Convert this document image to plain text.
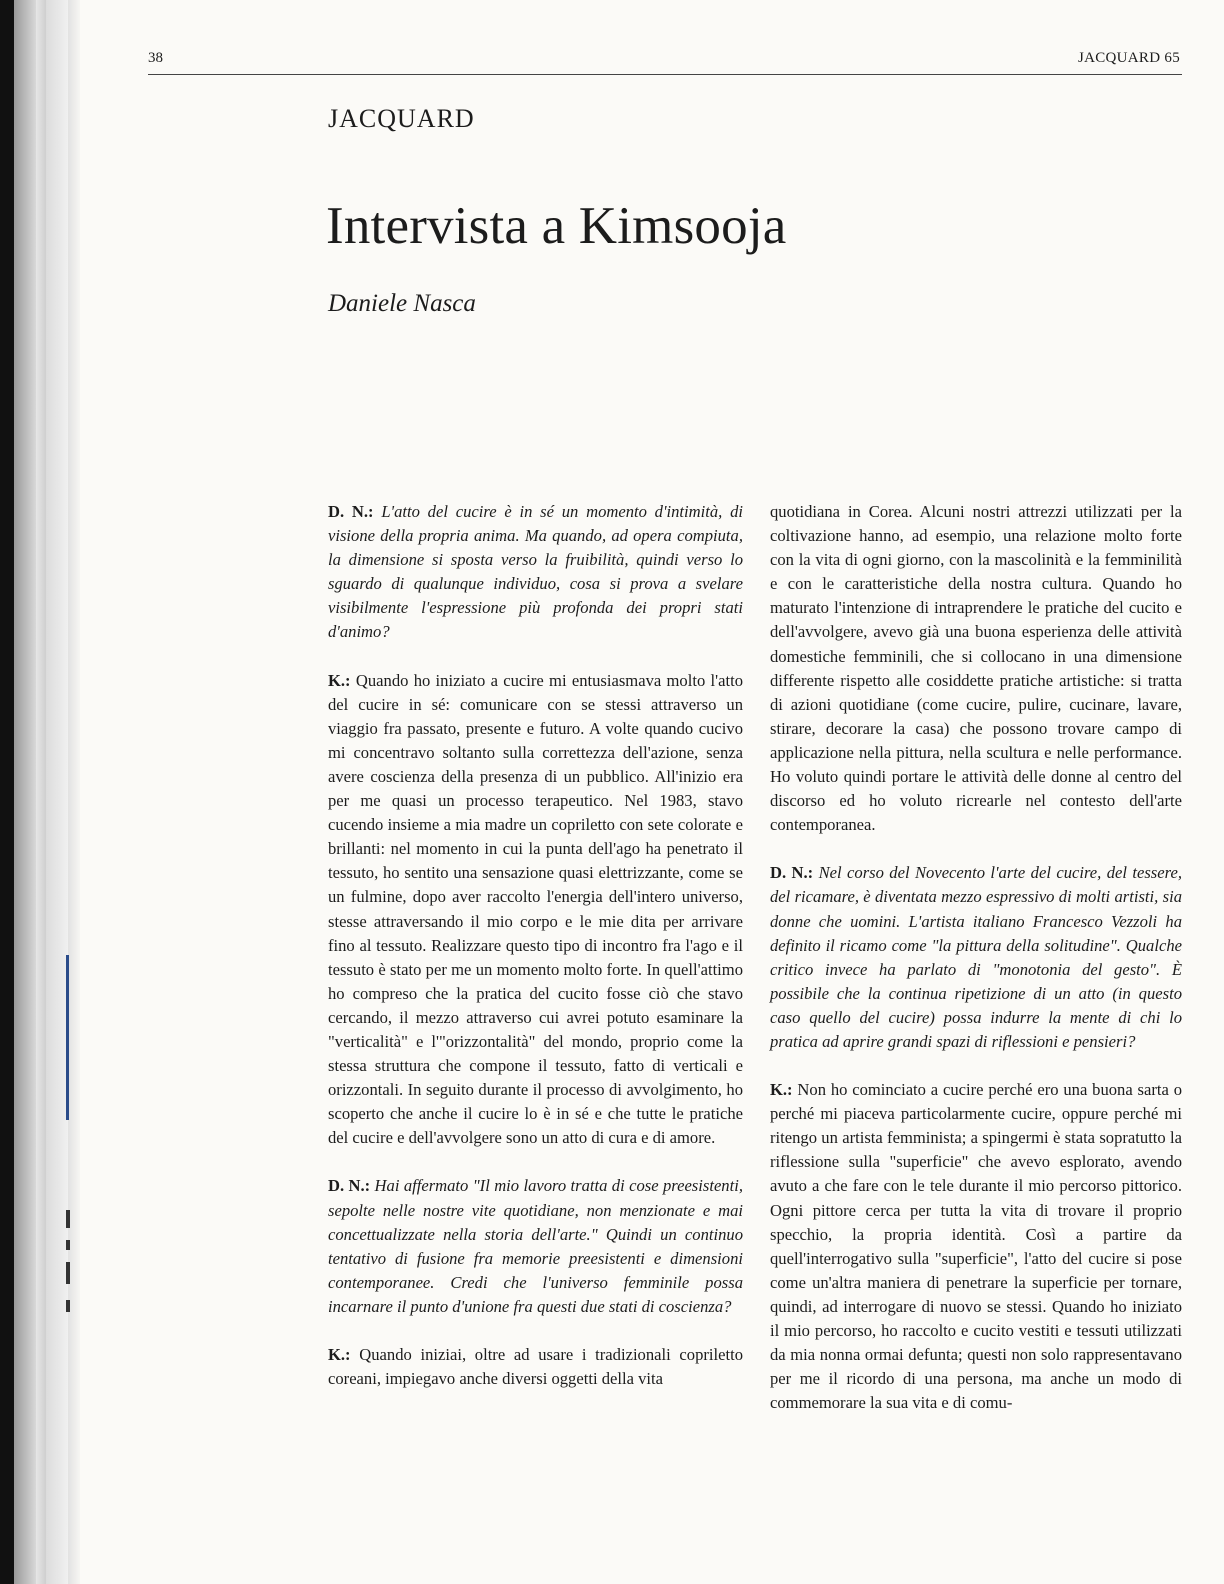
38	JACQUARD 65
JACQUARD
Intervista a Kimsooja

Daniele Nasca

D. N.: L'atto del cucire è in sé un momento d'intimità, di visione della propria anima. Ma quando, ad opera compiuta, la dimensione si sposta verso la fruibilità, quindi verso lo sguardo di qualunque individuo, cosa si prova a svelare visibilmente l'espressione più profonda dei propri stati d'animo?

K.: Quando ho iniziato a cucire mi entusiasmava molto l'atto del cucire in sé: comunicare con se stessi attraverso un viaggio fra passato, presente e futuro. A volte quando cucivo mi concentravo soltanto sulla correttezza dell'azione, senza avere coscienza della presenza di un pubblico. All'inizio era per me quasi un processo terapeutico. Nel 1983, stavo cucendo insieme a mia madre un copriletto con sete colorate e brillanti: nel momento in cui la punta dell'ago ha penetrato il tessuto, ho sentito una sensazione quasi elettrizzante, come se un fulmine, dopo aver raccolto l'energia dell'intero universo, stesse attraversando il mio corpo e le mie dita per arrivare fino al tessuto. Realizzare questo tipo di incontro fra l'ago e il tessuto è stato per me un momento molto forte. In quell'attimo ho compreso che la pratica del cucito fosse ciò che stavo cercando, il mezzo attraverso cui avrei potuto esaminare la "verticalità" e l'"orizzontalità" del mondo, proprio come la stessa struttura che compone il tessuto, fatto di verticali e orizzontali. In seguito durante il processo di avvolgimento, ho scoperto che anche il cucire lo è in sé e che tutte le pratiche del cucire e dell'avvolgere sono un atto di cura e di amore.

D. N.: Hai affermato "Il mio lavoro tratta di cose preesistenti, sepolte nelle nostre vite quotidiane, non menzionate e mai concettualizzate nella storia dell'arte." Quindi un continuo tentativo di fusione fra memorie preesistenti e dimensioni contemporanee. Credi che l'universo femminile possa incarnare il punto d'unione fra questi due stati di coscienza?

K.: Quando iniziai, oltre ad usare i tradizionali copriletto coreani, impiegavo anche diversi oggetti della vita

quotidiana in Corea. Alcuni nostri attrezzi utilizzati per la coltivazione hanno, ad esempio, una relazione molto forte con la vita di ogni giorno, con la mascolinità e la femminilità e con le caratteristiche della nostra cultura. Quando ho maturato l'intenzione di intraprendere le pratiche del cucito e dell'avvolgere, avevo già una buona esperienza delle attività domestiche femminili, che si collocano in una dimensione differente rispetto alle cosiddette pratiche artistiche: si tratta di azioni quotidiane (come cucire, pulire, cucinare, lavare, stirare, decorare la casa) che possono trovare campo di applicazione nella pittura, nella scultura e nelle performance. Ho voluto quindi portare le attività delle donne al centro del discorso ed ho voluto ricrearle nel contesto dell'arte contemporanea.

D. N.: Nel corso del Novecento l'arte del cucire, del tessere, del ricamare, è diventata mezzo espressivo di molti artisti, sia donne che uomini. L'artista italiano Francesco Vezzoli ha definito il ricamo come "la pittura della solitudine". Qualche critico invece ha parlato di "monotonia del gesto". È possibile che la continua ripetizione di un atto (in questo caso quello del cucire) possa indurre la mente di chi lo pratica ad aprire grandi spazi di riflessioni e pensieri?

K.: Non ho cominciato a cucire perché ero una buona sarta o perché mi piaceva particolarmente cucire, oppure perché mi ritengo un artista femminista; a spingermi è stata sopratutto la riflessione sulla "superficie" che avevo esplorato, avendo avuto a che fare con le tele durante il mio percorso pittorico. Ogni pittore cerca per tutta la vita di trovare il proprio specchio, la propria identità. Così a partire da quell'interrogativo sulla "superficie", l'atto del cucire si pose come un'altra maniera di penetrare la superficie per tornare, quindi, ad interrogare di nuovo se stessi. Quando ho iniziato il mio percorso, ho raccolto e cucito vestiti e tessuti utilizzati da mia nonna ormai defunta; questi non solo rappresentavano per me il ricordo di una persona, ma anche un modo di commemorare la sua vita e di comu-
